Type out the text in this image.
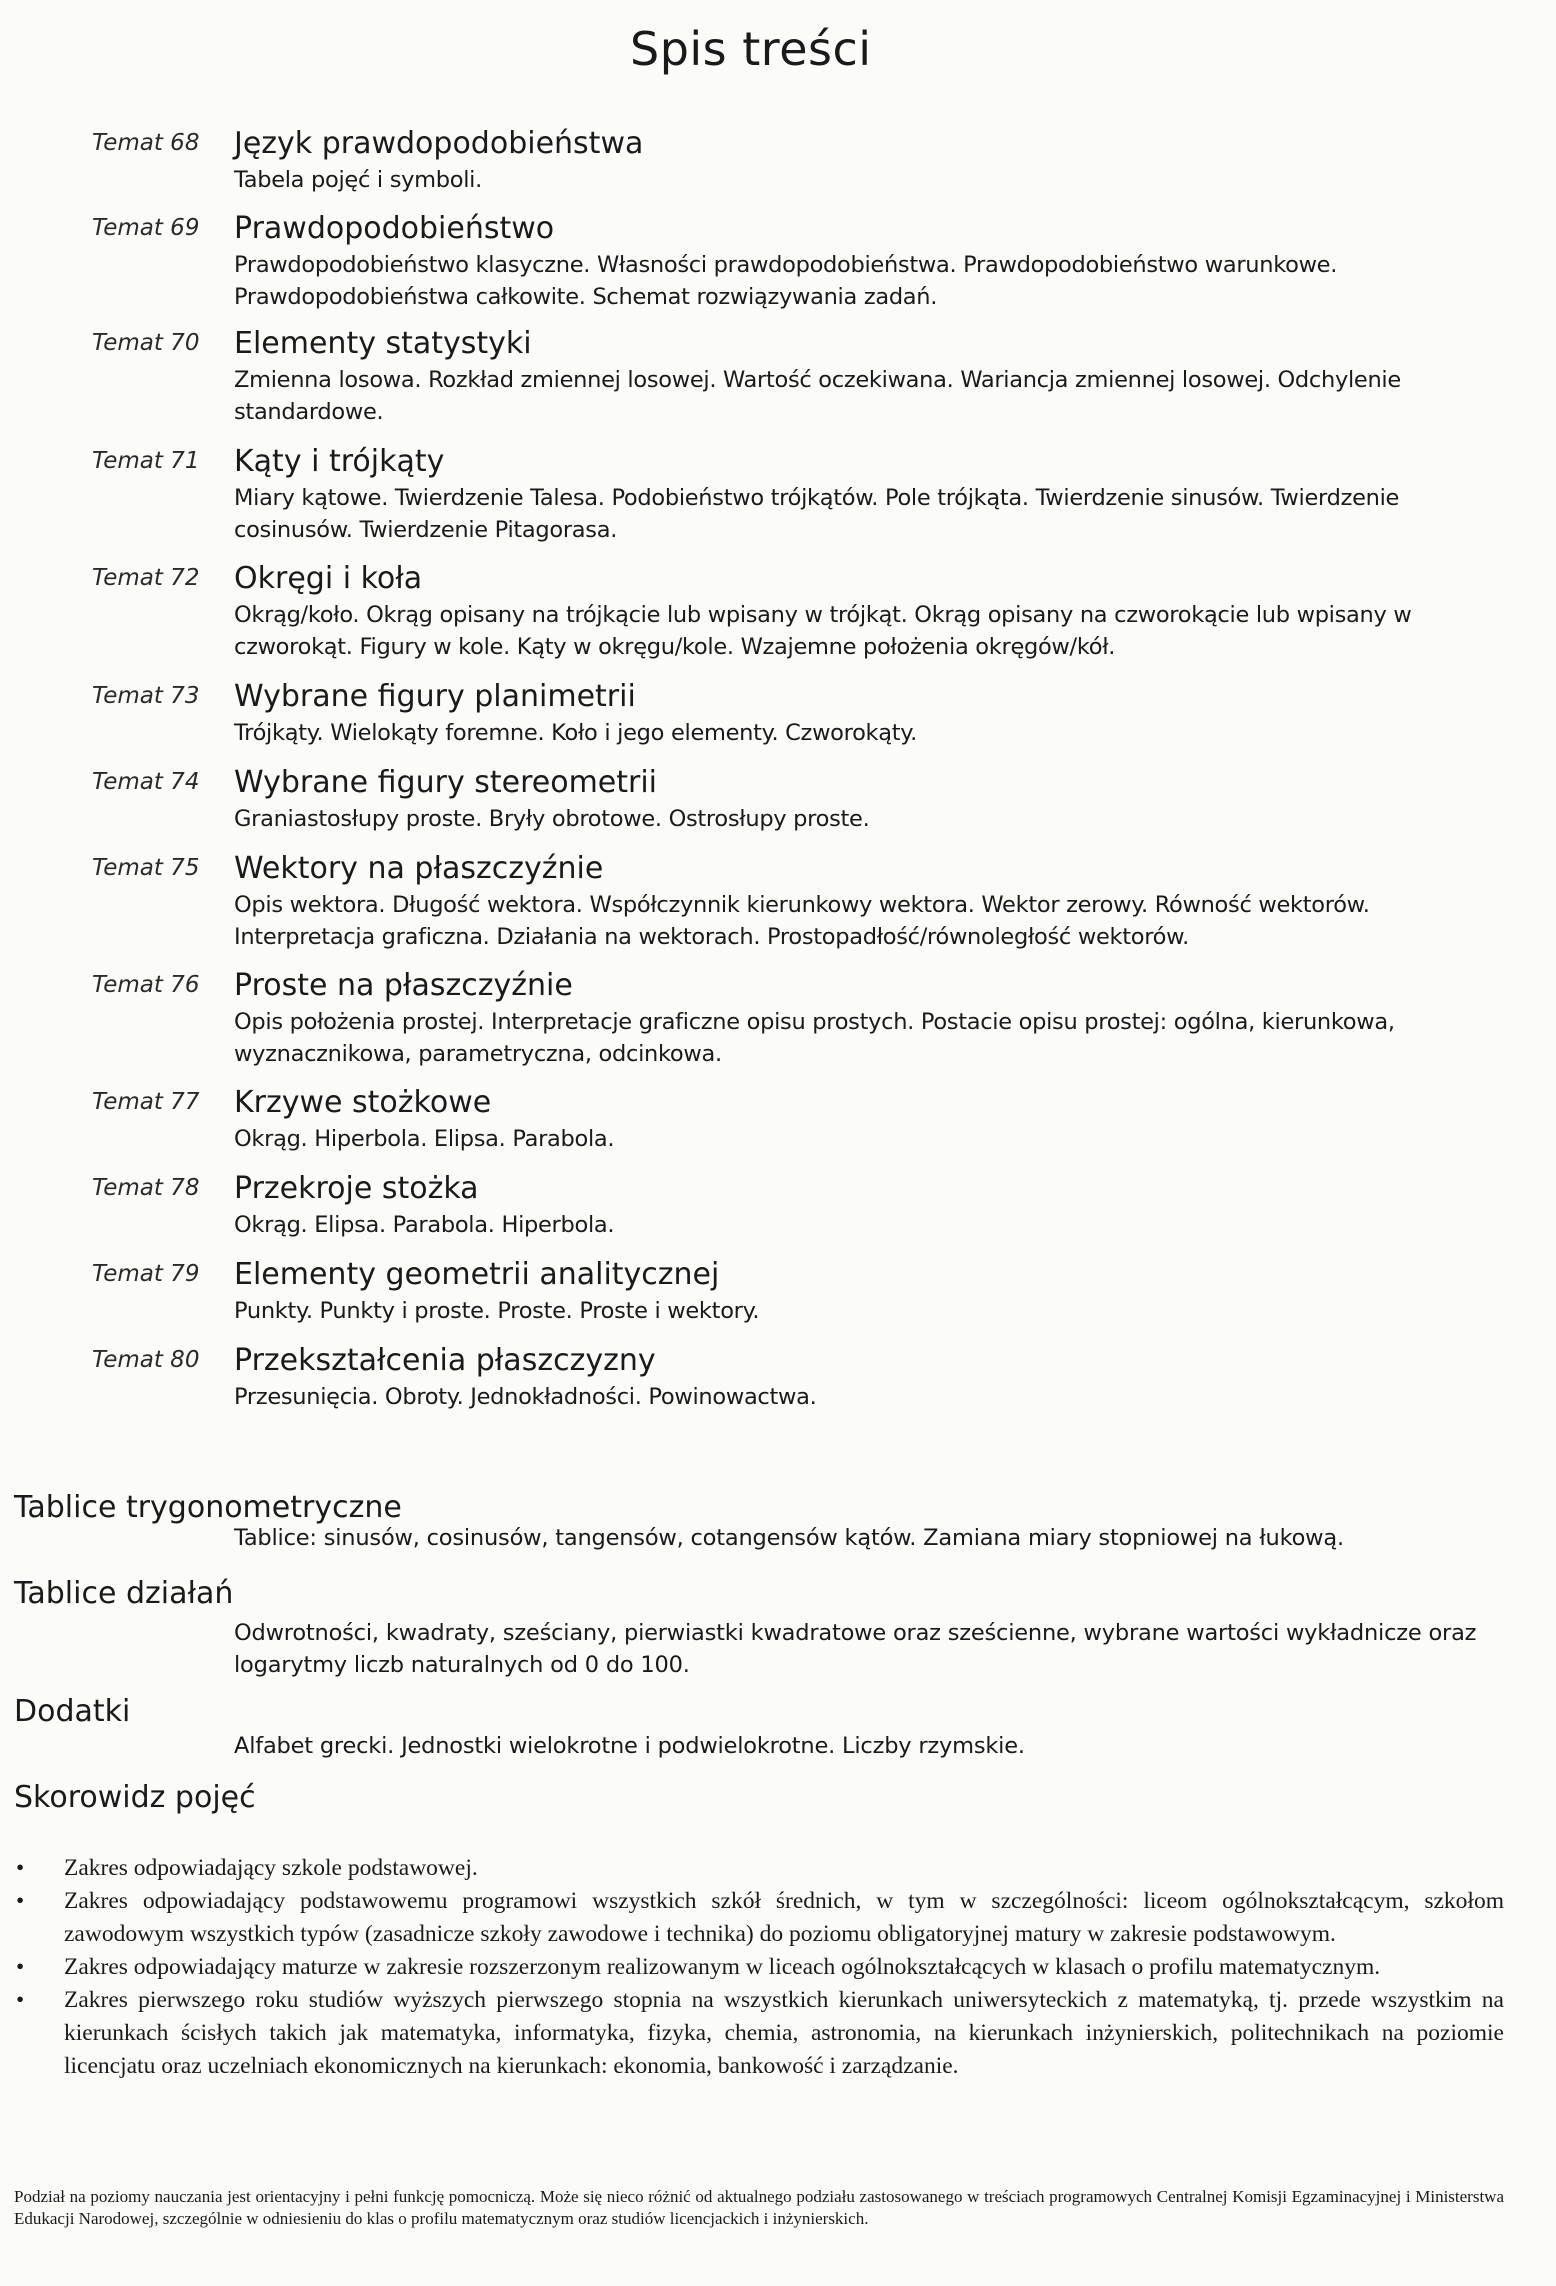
Spis treści
Temat 68 Język prawdopodobieństwa
Tabela pojęć i symboli.
Temat 69 Prawdopodobieństwo
Prawdopodobieństwo klasyczne. Własności prawdopodobieństwa. Prawdopodobieństwo warunkowe. Prawdopodobieństwa całkowite. Schemat rozwiązywania zadań.
Temat 70 Elementy statystyki
Zmienna losowa. Rozkład zmiennej losowej. Wartość oczekiwana. Wariancja zmiennej losowej. Odchylenie standardowe.
Temat 71 Kąty i trójkąty
Miary kątowe. Twierdzenie Talesa. Podobieństwo trójkątów. Pole trójkąta. Twierdzenie sinusów. Twierdzenie cosinusów. Twierdzenie Pitagorasa.
Temat 72 Okręgi i koła
Okrąg/koło. Okrąg opisany na trójkącie lub wpisany w trójkąt. Okrąg opisany na czworokącie lub wpisany w czworokąt. Figury w kole. Kąty w okręgu/kole. Wzajemne położenia okręgów/kół.
Temat 73 Wybrane figury planimetrii
Trójkąty. Wielokąty foremne. Koło i jego elementy. Czworokąty.
Temat 74 Wybrane figury stereometrii
Graniastosłupy proste. Bryły obrotowe. Ostrosłupy proste.
Temat 75 Wektory na płaszczyźnie
Opis wektora. Długość wektora. Współczynnik kierunkowy wektora. Wektor zerowy. Równość wektorów. Interpretacja graficzna. Działania na wektorach. Prostopadłość/równoległość wektorów.
Temat 76 Proste na płaszczyźnie
Opis położenia prostej. Interpretacje graficzne opisu prostych. Postacie opisu prostej: ogólna, kierunkowa, wyznacznikowa, parametryczna, odcinkowa.
Temat 77 Krzywe stożkowe
Okrąg. Hiperbola. Elipsa. Parabola.
Temat 78 Przekroje stożka
Okrąg. Elipsa. Parabola. Hiperbola.
Temat 79 Elementy geometrii analitycznej
Punkty. Punkty i proste. Proste. Proste i wektory.
Temat 80 Przekształcenia płaszczyzny
Przesunięcia. Obroty. Jednokładności. Powinowactwa.
Tablice trygonometryczne
Tablice: sinusów, cosinusów, tangensów, cotangensów kątów. Zamiana miary stopniowej na łukową.
Tablice działań
Odwrotności, kwadraty, sześciany, pierwiastki kwadratowe oraz sześcienne, wybrane wartości wykładnicze oraz logarytmy liczb naturalnych od 0 do 100.
Dodatki
Alfabet grecki. Jednostki wielokrotne i podwielokrotne. Liczby rzymskie.
Skorowidz pojęć
• Zakres odpowiadający szkole podstawowej.
• Zakres odpowiadający podstawowemu programowi wszystkich szkół średnich, w tym w szczególności: liceom ogólnokształcącym, szkołom zawodowym wszystkich typów (zasadnicze szkoły zawodowe i technika) do poziomu obligatoryjnej matury w zakresie podstawowym.
• Zakres odpowiadający maturze w zakresie rozszerzonym realizowanym w liceach ogólnokształcących w klasach o profilu matematycznym.
• Zakres pierwszego roku studiów wyższych pierwszego stopnia na wszystkich kierunkach uniwersyteckich z matematyką, tj. przede wszystkim na kierunkach ścisłych takich jak matematyka, informatyka, fizyka, chemia, astronomia, na kierunkach inżynierskich, politechnikach na poziomie licencjatu oraz uczelniach ekonomicznych na kierunkach: ekonomia, bankowość i zarządzanie.
Podział na poziomy nauczania jest orientacyjny i pełni funkcję pomocniczą. Może się nieco różnić od aktualnego podziału zastosowanego w treściach programowych Centralnej Komisji Egzaminacyjnej i Ministerstwa Edukacji Narodowej, szczególnie w odniesieniu do klas o profilu matematycznym oraz studiów licencjackich i inżynierskich.
